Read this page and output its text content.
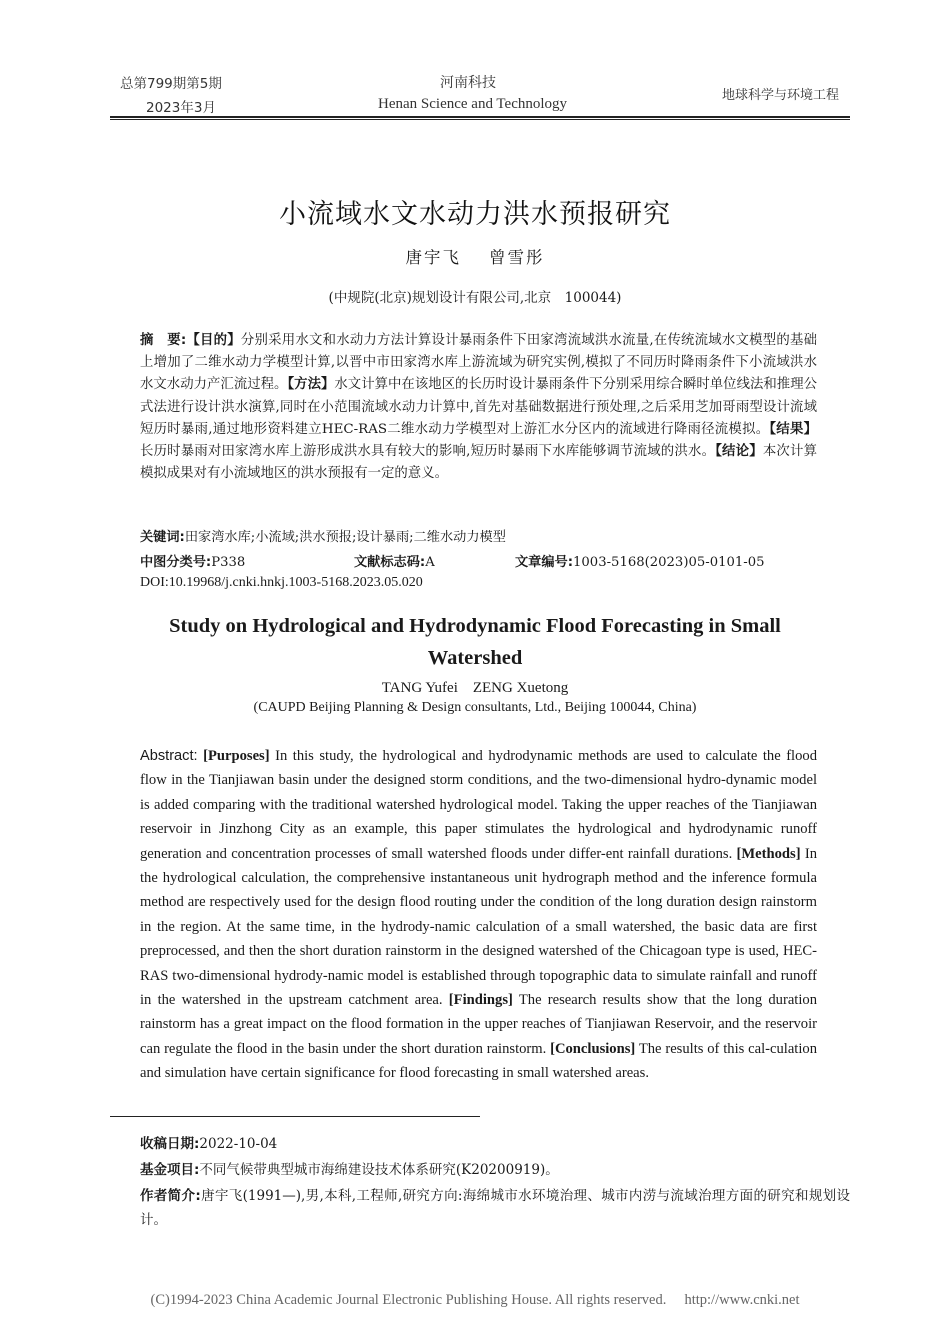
总第799期第5期
2023年3月
河南科技
Henan Science and Technology
地球科学与环境工程
小流域水文水动力洪水预报研究
唐宇飞 曾雪彤
(中规院(北京)规划设计有限公司,北京　100044)
摘　要:【目的】分别采用水文和水动力方法计算设计暴雨条件下田家湾流域洪水流量,在传统流域水文模型的基础上增加了二维水动力学模型计算,以晋中市田家湾水库上游流域为研究实例,模拟了不同历时降雨条件下小流域洪水水文水动力产汇流过程。【方法】水文计算中在该地区的长历时设计暴雨条件下分别采用综合瞬时单位线法和推理公式法进行设计洪水演算,同时在小范围流域水动力计算中,首先对基础数据进行预处理,之后采用芝加哥雨型设计流域短历时暴雨,通过地形资料建立HEC-RAS二维水动力学模型对上游汇水分区内的流域进行降雨径流模拟。【结果】长历时暴雨对田家湾水库上游形成洪水具有较大的影响,短历时暴雨下水库能够调节流域的洪水。【结论】本次计算模拟成果对有小流域地区的洪水预报有一定的意义。
关键词:田家湾水库;小流域;洪水预报;设计暴雨;二维水动力模型
中图分类号:P338	文献标志码:A	文章编号:1003-5168(2023)05-0101-05
DOI:10.19968/j.cnki.hnkj.1003-5168.2023.05.020
Study on Hydrological and Hydrodynamic Flood Forecasting in Small Watershed
TANG Yufei　ZENG Xuetong
(CAUPD Beijing Planning & Design consultants, Ltd., Beijing 100044, China)
Abstract: [Purposes] In this study, the hydrological and hydrodynamic methods are used to calculate the flood flow in the Tianjiawan basin under the designed storm conditions, and the two-dimensional hydro-dynamic model is added comparing with the traditional watershed hydrological model. Taking the upper reaches of the Tianjiawan reservoir in Jinzhong City as an example, this paper stimulates the hydrological and hydrodynamic runoff generation and concentration processes of small watershed floods under differ-ent rainfall durations. [Methods] In the hydrological calculation, the comprehensive instantaneous unit hydrograph method and the inference formula method are respectively used for the design flood routing under the condition of the long duration design rainstorm in the region. At the same time, in the hydrody-namic calculation of a small watershed, the basic data are first preprocessed, and then the short duration rainstorm in the designed watershed of the Chicagoan type is used, HEC-RAS two-dimensional hydrody-namic model is established through topographic data to simulate rainfall and runoff in the watershed in the upstream catchment area. [Findings] The research results show that the long duration rainstorm has a great impact on the flood formation in the upper reaches of Tianjiawan Reservoir, and the reservoir can regulate the flood in the basin under the short duration rainstorm. [Conclusions] The results of this cal-culation and simulation have certain significance for flood forecasting in small watershed areas.
收稿日期:2022-10-04
基金项目:不同气候带典型城市海绵建设技术体系研究(K20200919)。
作者简介:唐宇飞(1991—),男,本科,工程师,研究方向:海绵城市水环境治理、城市内涝与流域治理方面的研究和规划设计。
(C)1994-2023 China Academic Journal Electronic Publishing House. All rights reserved.　 http://www.cnki.net
